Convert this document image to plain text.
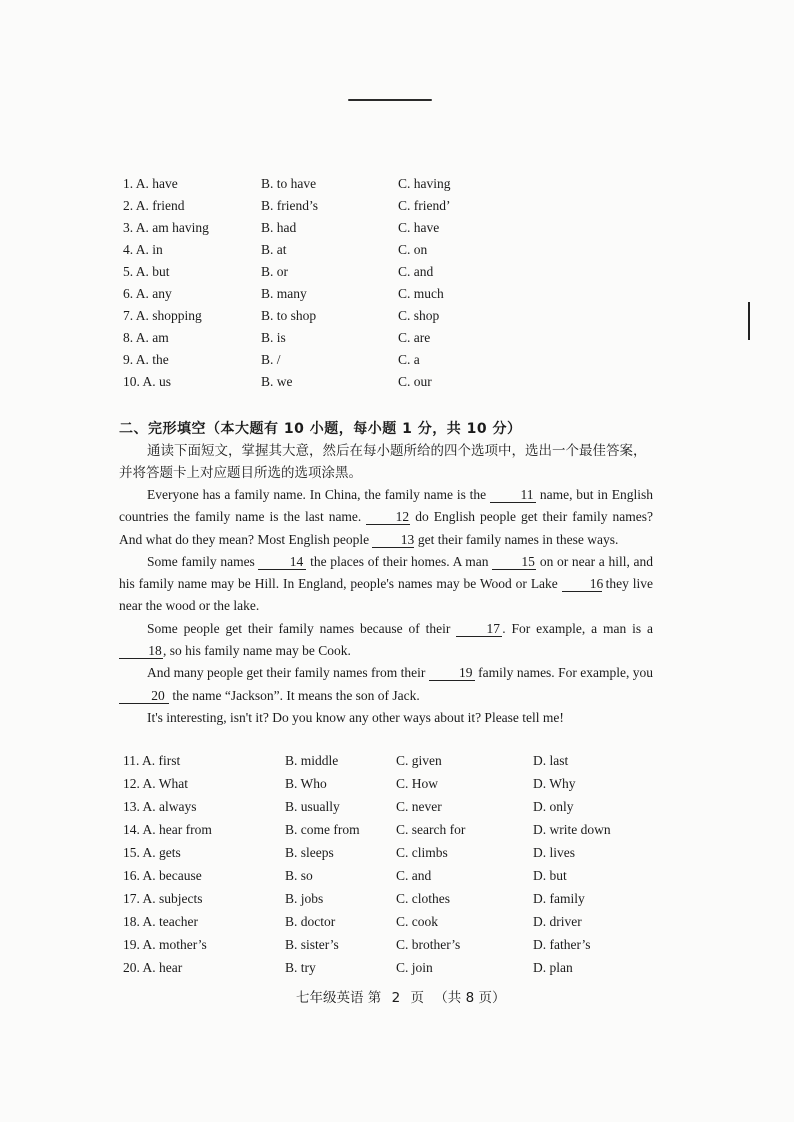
1. A. have	B. to have	C. having
2. A. friend	B. friend’s	C. friend’
3. A. am having	B. had	C. have
4. A. in	B. at	C. on
5. A. but	B. or	C. and
6. A. any	B. many	C. much
7. A. shopping	B. to shop	C. shop
8. A. am	B. is	C. are
9. A. the	B. /	C. a
10. A. us	B. we	C. our
二、完形填空（本大题有 10 小题，每小题 1 分，共 10 分）
通读下面短文，掌握其大意，然后在每小题所给的四个选项中，选出一个最佳答案，并将答题卡上对应题目所选的选项涂黑。

Everyone has a family name. In China, the family name is the 11 name, but in English countries the family name is the last name. 12 do English people get their family names? And what do they mean? Most English people 13 get their family names in these ways.

Some family names 14 the places of their homes. A man 15 on or near a hill, and his family name may be Hill. In England, people's names may be Wood or Lake 16 they live near the wood or the lake.

Some people get their family names because of their 17 . For example, a man is a 18, so his family name may be Cook.

And many people get their family names from their 19 family names. For example, you 20 the name “Jackson”. It means the son of Jack.

It's interesting, isn't it? Do you know any other ways about it? Please tell me!

11. A. first	B. middle	C. given	D. last
12. A. What	B. Who	C. How	D. Why
13. A. always	B. usually	C. never	D. only
14. A. hear from	B. come from	C. search for	D. write down
15. A. gets	B. sleeps	C. climbs	D. lives
16. A. because	B. so	C. and	D. but
17. A. subjects	B. jobs	C. clothes	D. family
18. A. teacher	B. doctor	C. cook	D. driver
19. A. mother’s	B. sister’s	C. brother’s	D. father’s
20. A. hear	B. try	C. join	D. plan
七年级英语 第 2 页 （共 8 页）
